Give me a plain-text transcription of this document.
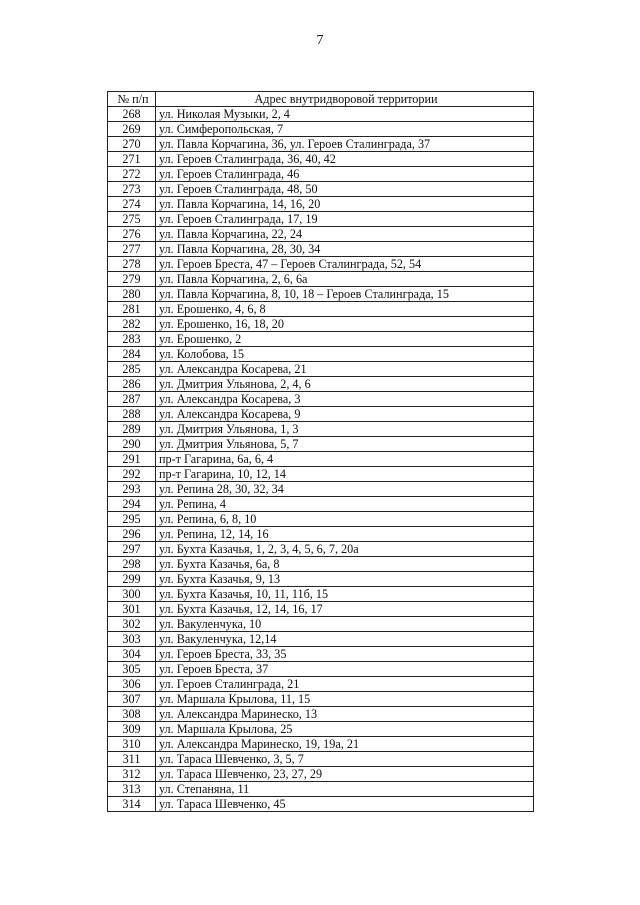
7
№ п/п	Адрес внутридворовой территории
268	ул. Николая Музыки, 2, 4
269	ул. Симферопольская, 7
270	ул. Павла Корчагина, 36, ул. Героев Сталинграда, 37
271	ул. Героев Сталинграда, 36, 40, 42
272	ул. Героев Сталинграда, 46
273	ул. Героев Сталинграда, 48, 50
274	ул. Павла Корчагина, 14, 16, 20
275	ул. Героев Сталинграда, 17, 19
276	ул. Павла Корчагина, 22, 24
277	ул. Павла Корчагина, 28, 30, 34
278	ул. Героев Бреста, 47 – Героев Сталинграда, 52, 54
279	ул. Павла Корчагина, 2, 6, 6а
280	ул. Павла Корчагина, 8, 10, 18 – Героев Сталинграда, 15
281	ул. Ерошенко, 4, 6, 8
282	ул. Ерошенко, 16, 18, 20
283	ул. Ерошенко, 2
284	ул. Колобова, 15
285	ул. Александра Косарева, 21
286	ул. Дмитрия Ульянова, 2, 4, 6
287	ул. Александра Косарева, 3
288	ул. Александра Косарева, 9
289	ул. Дмитрия Ульянова, 1, 3
290	ул. Дмитрия Ульянова, 5, 7
291	пр-т Гагарина, 6а, 6, 4
292	пр-т Гагарина, 10, 12, 14
293	ул. Репина 28, 30, 32, 34
294	ул. Репина, 4
295	ул. Репина, 6, 8, 10
296	ул. Репина, 12, 14, 16
297	ул. Бухта Казачья, 1, 2, 3, 4, 5, 6, 7, 20а
298	ул. Бухта Казачья, 6а, 8
299	ул. Бухта Казачья, 9, 13
300	ул. Бухта Казачья, 10, 11, 11б, 15
301	ул. Бухта Казачья, 12, 14, 16, 17
302	ул. Вакуленчука, 10
303	ул. Вакуленчука, 12,14
304	ул. Героев Бреста, 33, 35
305	ул. Героев Бреста, 37
306	ул. Героев Сталинграда, 21
307	ул. Маршала Крылова, 11, 15
308	ул. Александра Маринеско, 13
309	ул. Маршала Крылова, 25
310	ул. Александра Маринеско, 19, 19а, 21
311	ул. Тараса Шевченко, 3, 5, 7
312	ул. Тараса Шевченко, 23, 27, 29
313	ул. Степаняна, 11
314	ул. Тараса Шевченко, 45
